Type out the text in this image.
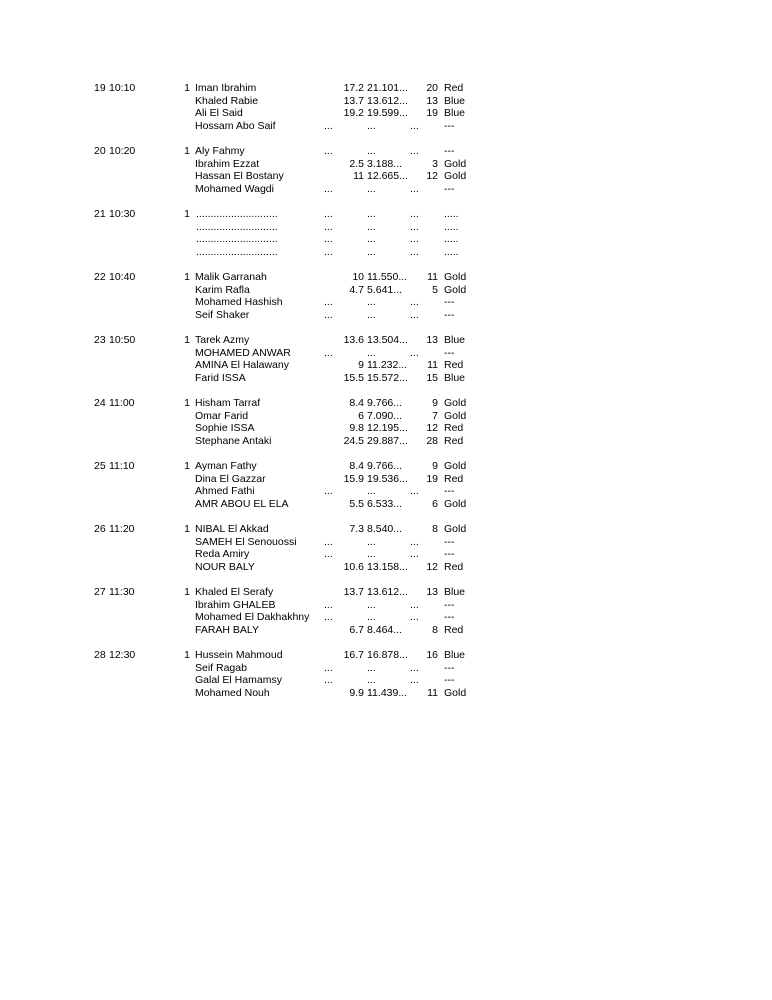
19 10:10	1 Iman Ibrahim	17.2 21.101... 20 Red
Khaled Rabie	13.7 13.612... 13 Blue
Ali El Said	19.2 19.599... 19 Blue
Hossam Abo Saif	...	...	... ---
20 10:20	1 Aly Fahmy	...	...	... ---
Ibrahim Ezzat	2.5 3.188...	3 Gold
Hassan El Bostany	11 12.665... 12 Gold
Mohamed Wagdi	...	...	... ---
21 10:30	1 ............................	...	...	... .....
............................	...	...	... .....
............................	...	...	... .....
............................	...	...	... .....
22 10:40	1 Malik Garranah	10 11.550... 11 Gold
Karim Rafla	4.7 5.641...	5 Gold
Mohamed Hashish	...	...	... ---
Seif Shaker	...	...	... ---
23 10:50	1 Tarek Azmy	13.6 13.504... 13 Blue
MOHAMED ANWAR	...	...	... ---
AMINA El Halawany	9 11.232... 11 Red
Farid ISSA	15.5 15.572... 15 Blue
24 11:00	1 Hisham Tarraf	8.4 9.766...	9 Gold
Omar Farid	6 7.090...	7 Gold
Sophie ISSA	9.8 12.195... 12 Red
Stephane Antaki	24.5 29.887... 28 Red
25 11:10	1 Ayman Fathy	8.4 9.766...	9 Gold
Dina El Gazzar	15.9 19.536... 19 Red
Ahmed Fathi	...	...	... ---
AMR ABOU EL ELA	5.5 6.533...	6 Gold
26 11:20	1 NIBAL El Akkad	7.3 8.540...	8 Gold
SAMEH El Senouossi	...	...	... ---
Reda Amiry	...	...	... ---
NOUR BALY	10.6 13.158... 12 Red
27 11:30	1 Khaled El Serafy	13.7 13.612... 13 Blue
Ibrahim GHALEB	...	...	... ---
Mohamed El Dakhakhny ...	...	... ---
FARAH BALY	6.7 8.464...	8 Red
28 12:30	1 Hussein Mahmoud	16.7 16.878... 16 Blue
Seif Ragab	...	...	... ---
Galal El Hamamsy	...	...	... ---
Mohamed Nouh	9.9 11.439... 11 Gold
